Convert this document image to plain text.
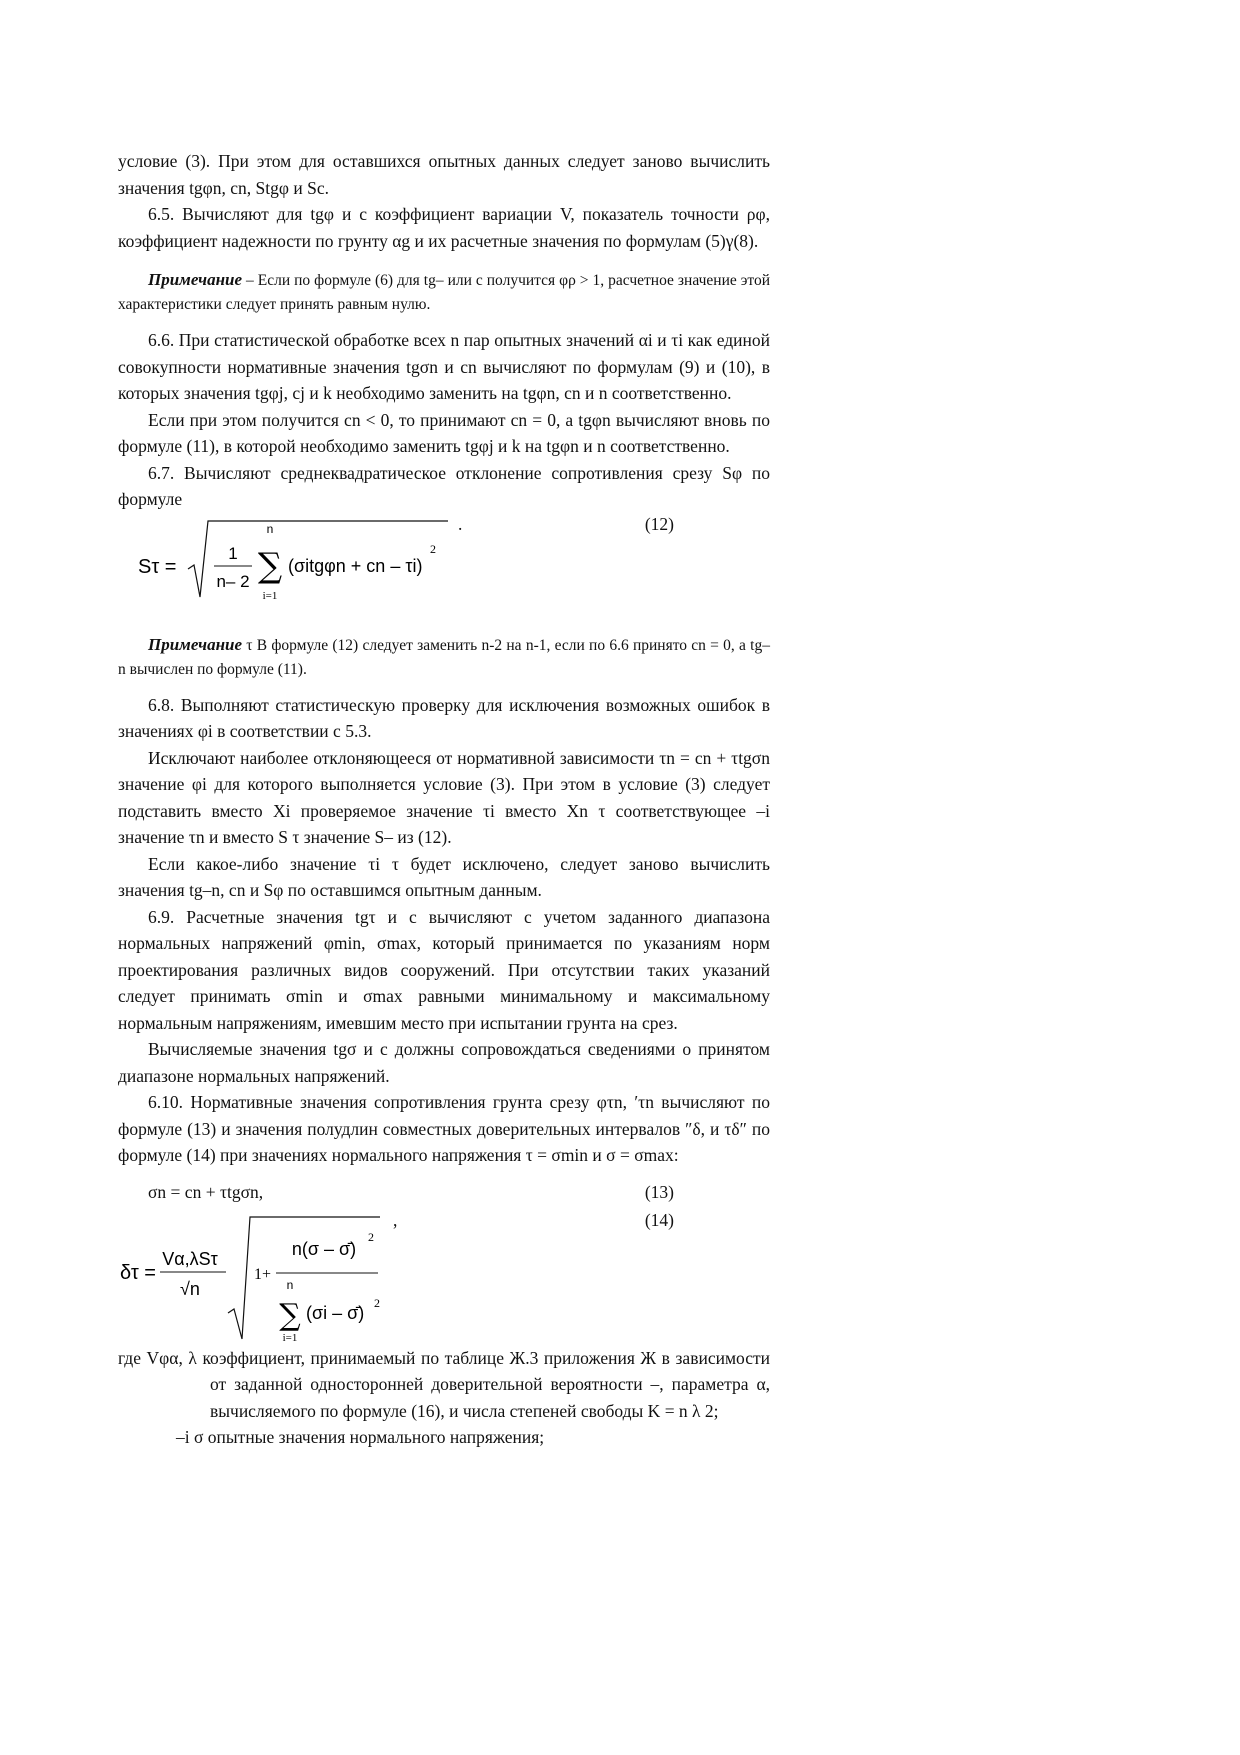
условие (3). При этом для оставшихся опытных данных следует заново вычислить значения tgφn, cn, Stgφ и Sc.

6.5. Вычисляют для tgφ и c коэффициент вариации V, показатель точности ρφ, коэффициент надежности по грунту αg и их расчетные значения по формулам (5)γ(8).

Примечание – Если по формуле (6) для tg– или c получится φρ > 1, расчетное значение этой характеристики следует принять равным нулю.

6.6. При статистической обработке всех n пар опытных значений αi и τi как единой совокупности нормативные значения tgσn и cn вычисляют по формулам (9) и (10), в которых значения tgφj, cj и k необходимо заменить на tgφn, cn и n соответственно.

Если при этом получится cn < 0, то принимают cn = 0, а tgφn вычисляют вновь по формуле (11), в которой необходимо заменить tgφj и k на tgφn и n соответственно.

6.7. Вычисляют среднеквадратическое отклонение сопротивления срезу Sφ по формуле

.	(12)
Sτ =
1
n– 2
n
∑
i=1
(σitgφn + cn – τi)
2

Примечание τ В формуле (12) следует заменить n-2 на n-1, если по 6.6 принято cn = 0, а tg–n вычислен по формуле (11).

6.8. Выполняют статистическую проверку для исключения возможных ошибок в значениях φi в соответствии с 5.3.

Исключают наиболее отклоняющееся от нормативной зависимости τn = cn + τtgσn значение φi для которого выполняется условие (3). При этом в условие (3) следует подставить вместо Xi проверяемое значение τi вместо Xn τ соответствующее –i значение τn и вместо S τ значение S– из (12).

Если какое-либо значение τi τ будет исключено, следует заново вычислить значения tg–n, cn и Sφ по оставшимся опытным данным.

6.9. Расчетные значения tgτ и c вычисляют с учетом заданного диапазона нормальных напряжений φmin, σmax, который принимается по указаниям норм проектирования различных видов сооружений. При отсутствии таких указаний следует принимать σmin и σmax равными минимальному и максимальному нормальным напряжениям, имевшим место при испытании грунта на срез.

Вычисляемые значения tgσ и c должны сопровождаться сведениями о принятом диапазоне нормальных напряжений.

6.10. Нормативные значения сопротивления грунта срезу φτn, ′τn вычисляют по формуле (13) и значения полудлин совместных доверительных интервалов ″δ, и τδ″ по формуле (14) при значениях нормального напряжения τ = σmin и σ = σmax:

σn = cn + τtgσn,	(13)
,	(14)
δτ =
Vα,λSτ
√n
1+
n(σ – σ̄)
2
n
∑
i=1
(σi – σ̄) 2

где Vφα, λ коэффициент, принимаемый по таблице Ж.3 приложения Ж в зависимости от заданной односторонней доверительной вероятности –, параметра α, вычисляемого по формуле (16), и числа степеней свободы K = n λ 2;

–i σ опытные значения нормального напряжения;
